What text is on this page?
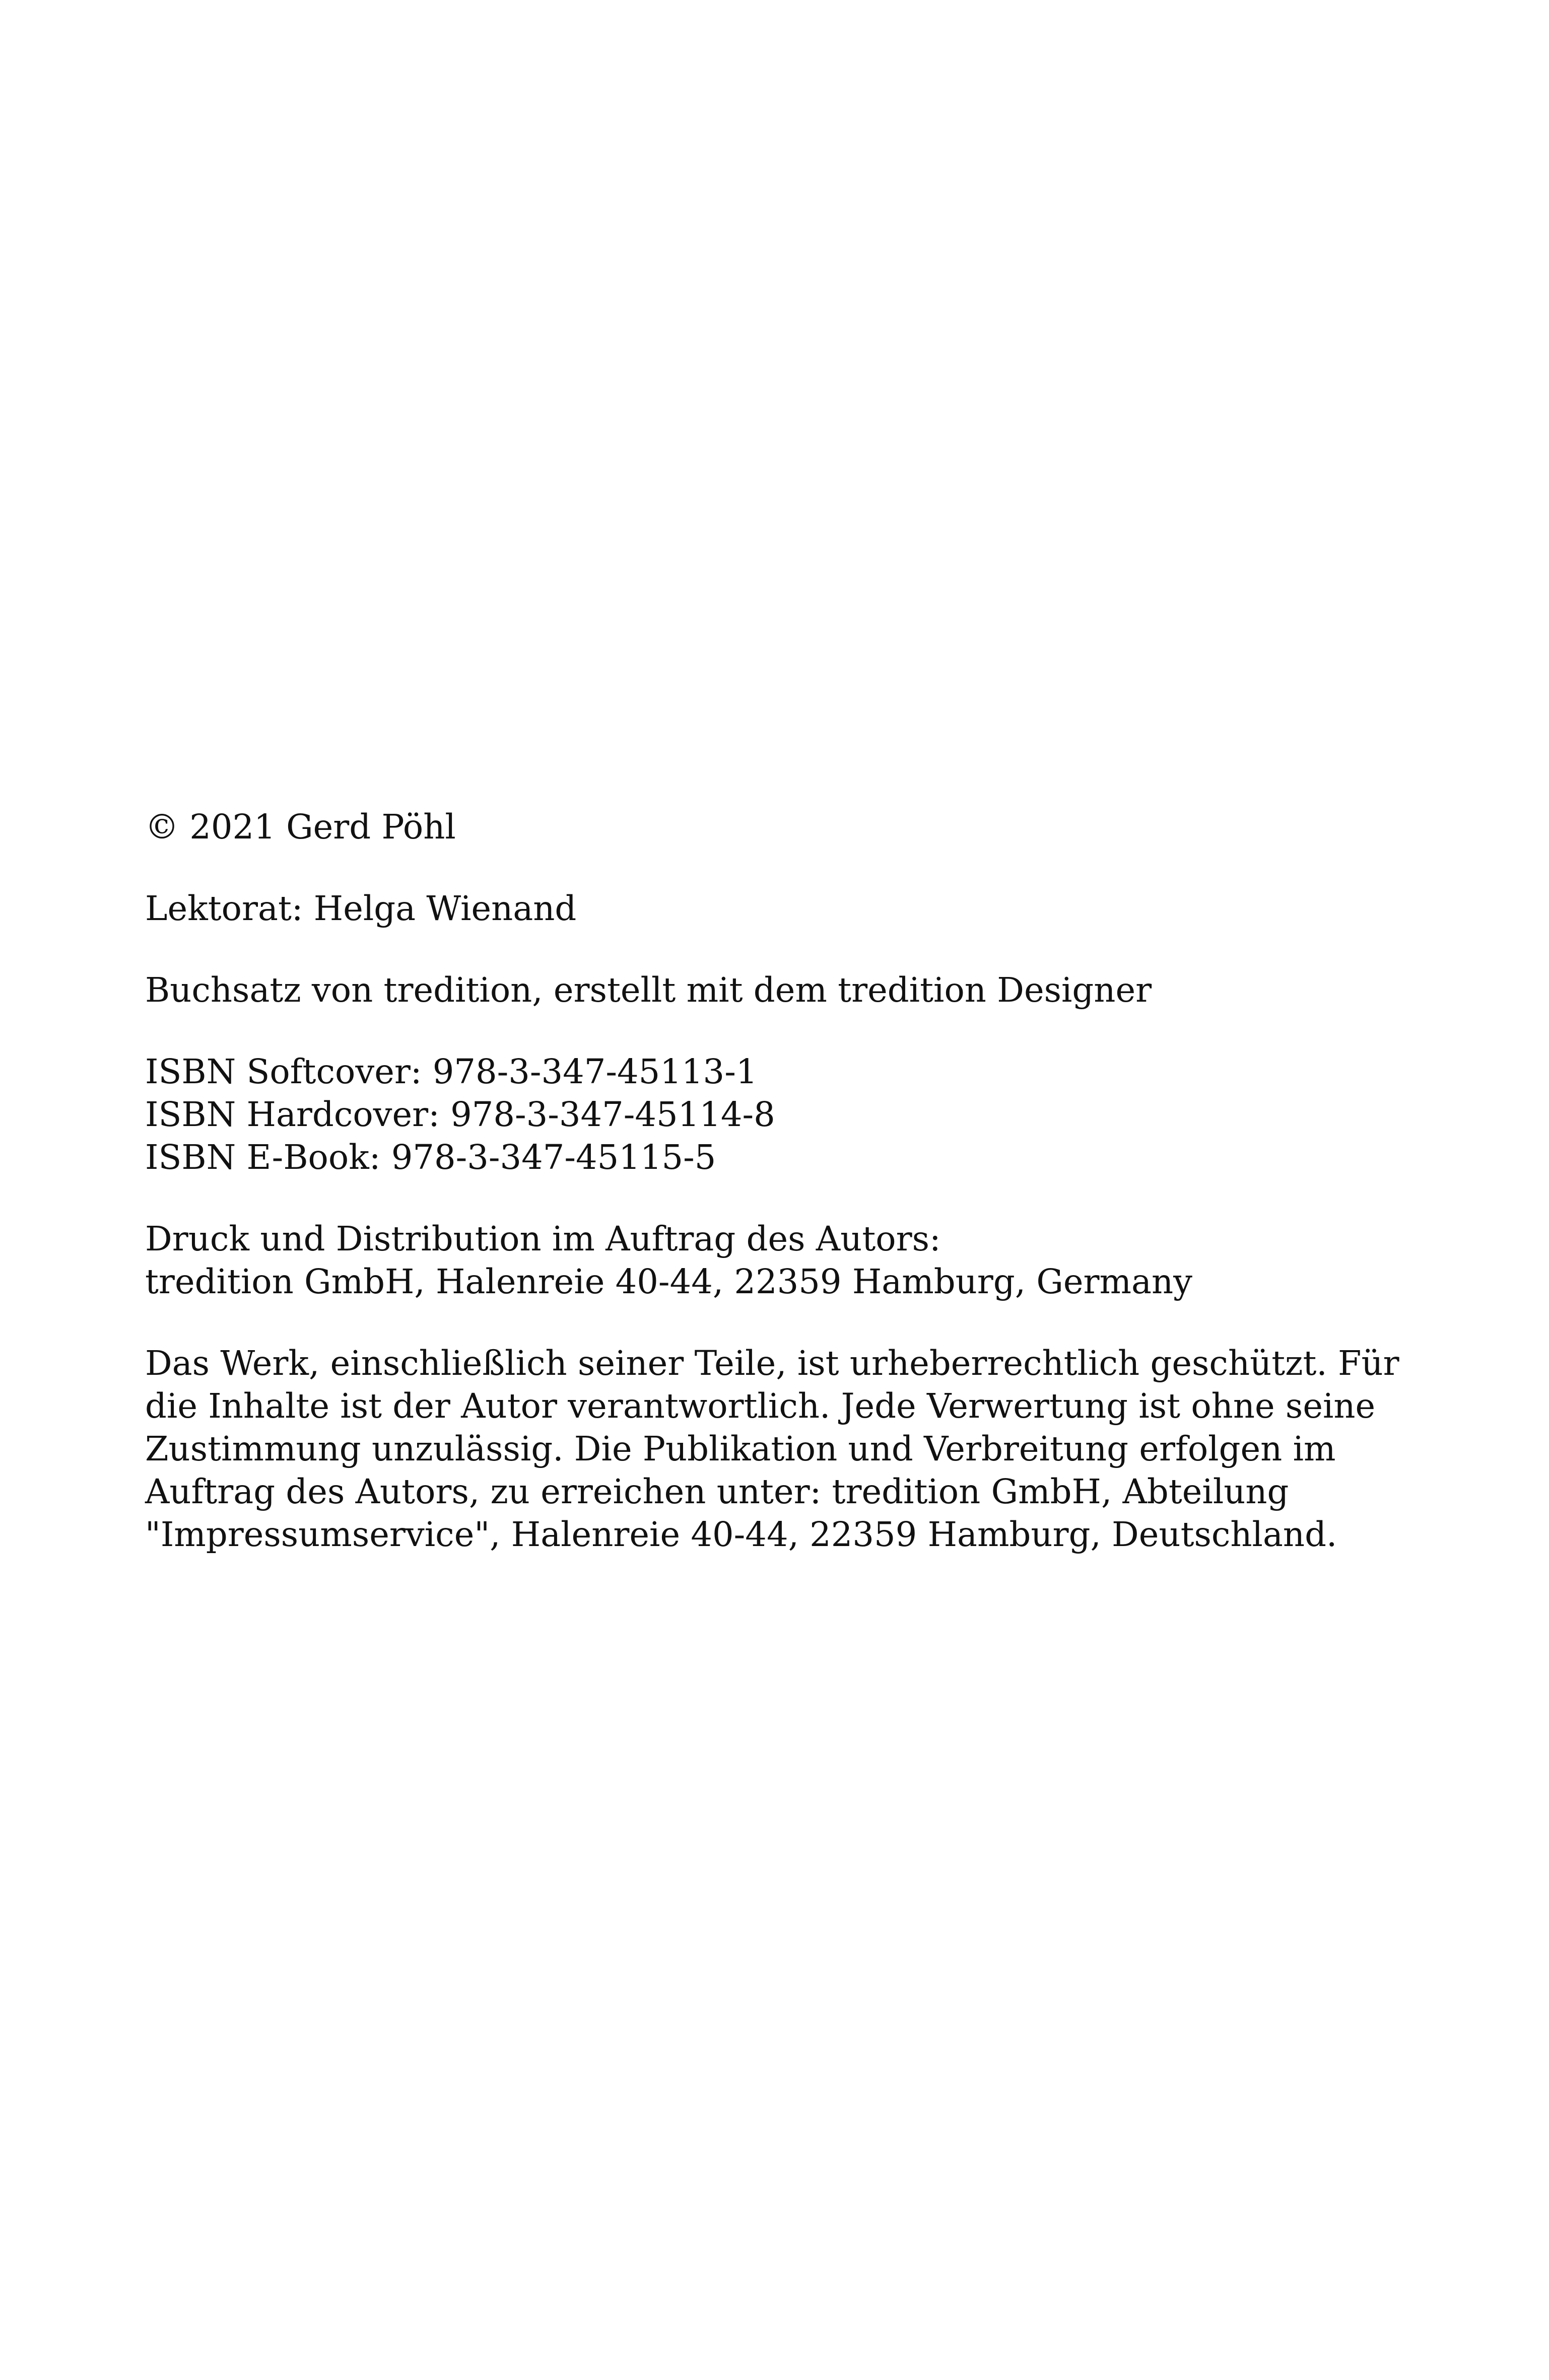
© 2021 Gerd Pöhl
Lektorat: Helga Wienand
Buchsatz von tredition, erstellt mit dem tredition Designer
ISBN Softcover: 978-3-347-45113-1
ISBN Hardcover: 978-3-347-45114-8
ISBN E-Book: 978-3-347-45115-5
Druck und Distribution im Auftrag des Autors:
tredition GmbH, Halenreie 40-44, 22359 Hamburg, Germany
Das Werk, einschließlich seiner Teile, ist urheberrechtlich geschützt. Für
die Inhalte ist der Autor verantwortlich. Jede Verwertung ist ohne seine
Zustimmung unzulässig. Die Publikation und Verbreitung erfolgen im
Auftrag des Autors, zu erreichen unter: tredition GmbH, Abteilung
"Impressumservice", Halenreie 40-44, 22359 Hamburg, Deutschland.
